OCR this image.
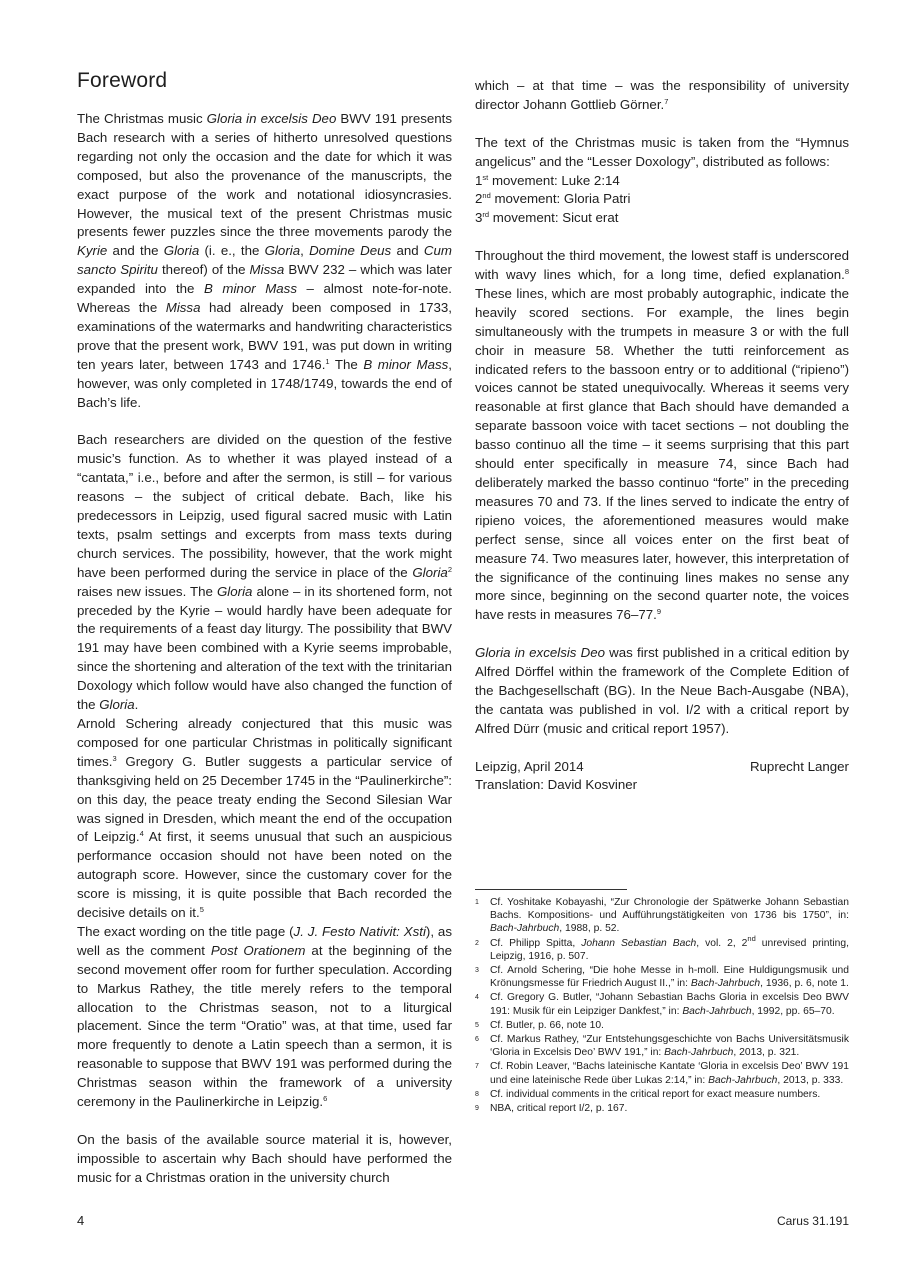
Foreword

The Christmas music Gloria in excelsis Deo BWV 191 presents Bach research with a series of hitherto unresolved questions regarding not only the occasion and the date for which it was composed, but also the provenance of the manuscripts, the exact purpose of the work and notational idiosyncrasies. However, the musical text of the present Christmas music presents fewer puzzles since the three movements parody the Kyrie and the Gloria (i. e., the Gloria, Domine Deus and Cum sancto Spiritu thereof) of the Missa BWV 232 – which was later expanded into the B minor Mass – almost note-for-note. Whereas the Missa had already been composed in 1733, examinations of the watermarks and handwriting characteristics prove that the present work, BWV 191, was put down in writing ten years later, between 1743 and 1746.$^1$ The B minor Mass, however, was only completed in 1748/1749, towards the end of Bach’s life.

Bach researchers are divided on the question of the festive music’s function. As to whether it was played instead of a “cantata,” i.e., before and after the sermon, is still – for various reasons – the subject of critical debate. Bach, like his predecessors in Leipzig, used figural sacred music with Latin texts, psalm settings and excerpts from mass texts during church services. The possibility, however, that the work might have been performed during the service in place of the Gloria$^2$ raises new issues. The Gloria alone – in its shortened form, not preceded by the Kyrie – would hardly have been adequate for the requirements of a feast day liturgy. The possibility that BWV 191 may have been combined with a Kyrie seems improbable, since the shortening and alteration of the text with the trinitarian Doxology which follow would have also changed the function of the Gloria.

Arnold Schering already conjectured that this music was composed for one particular Christmas in politically significant times.$^3$ Gregory G. Butler suggests a particular service of thanksgiving held on 25 December 1745 in the “Paulinerkirche”: on this day, the peace treaty ending the Second Silesian War was signed in Dresden, which meant the end of the occupation of Leipzig.$^4$ At first, it seems unusual that such an auspicious performance occasion should not have been noted on the autograph score. However, since the customary cover for the score is missing, it is quite possible that Bach recorded the decisive details on it.$^5$

The exact wording on the title page (J. J. Festo Nativit: Xsti), as well as the comment Post Orationem at the beginning of the second movement offer room for further speculation. According to Markus Rathey, the title merely refers to the temporal allocation to the Christmas season, not to a liturgical placement. Since the term “Oratio” was, at that time, used far more frequently to denote a Latin speech than a sermon, it is reasonable to suppose that BWV 191 was performed during the Christmas season within the framework of a university ceremony in the Paulinerkirche in Leipzig.$^6$

On the basis of the available source material it is, however, impossible to ascertain why Bach should have performed the music for a Christmas oration in the university church

which – at that time – was the responsibility of university director Johann Gottlieb Görner.$^7$

The text of the Christmas music is taken from the “Hymnus angelicus” and the “Lesser Doxology”, distributed as follows:

1st movement: Luke 2:14

2nd movement: Gloria Patri

3rd movement: Sicut erat

Throughout the third movement, the lowest staff is underscored with wavy lines which, for a long time, defied explanation.$^8$ These lines, which are most probably autographic, indicate the heavily scored sections. For example, the lines begin simultaneously with the trumpets in measure 3 or with the full choir in measure 58. Whether the tutti reinforcement as indicated refers to the bassoon entry or to additional (“ripieno”) voices cannot be stated unequivocally. Whereas it seems very reasonable at first glance that Bach should have demanded a separate bassoon voice with tacet sections – not doubling the basso continuo all the time – it seems surprising that this part should enter specifically in measure 74, since Bach had deliberately marked the basso continuo “forte” in the preceding measures 70 and 73. If the lines served to indicate the entry of ripieno voices, the aforementioned measures would make perfect sense, since all voices enter on the first beat of measure 74. Two measures later, however, this interpretation of the significance of the continuing lines makes no sense any more since, beginning on the second quarter note, the voices have rests in measures 76–77.$^9$

Gloria in excelsis Deo was first published in a critical edition by Alfred Dörffel within the framework of the Complete Edition of the Bachgesellschaft (BG). In the Neue Bach-Ausgabe (NBA), the cantata was published in vol. I/2 with a critical report by Alfred Dürr (music and critical report 1957).

Leipzig, April 2014	Ruprecht Langer

Translation: David Kosviner

1 Cf. Yoshitake Kobayashi, “Zur Chronologie der Spätwerke Johann Sebastian Bachs. Kompositions- und Aufführungstätigkeiten von 1736 bis 1750”, in: Bach-Jahrbuch, 1988, p. 52.

2 Cf. Philipp Spitta, Johann Sebastian Bach, vol. 2, 2nd unrevised printing, Leipzig, 1916, p. 507.

3 Cf. Arnold Schering, “Die hohe Messe in h-moll. Eine Huldigungsmusik und Krönungsmesse für Friedrich August II.,” in: Bach-Jahrbuch, 1936, p. 6, note 1.

4 Cf. Gregory G. Butler, “Johann Sebastian Bachs Gloria in excelsis Deo BWV 191: Musik für ein Leipziger Dankfest,” in: Bach-Jahrbuch, 1992, pp. 65–70.

5 Cf. Butler, p. 66, note 10.

6 Cf. Markus Rathey, “Zur Entstehungsgeschichte von Bachs Universitätsmusik ‘Gloria in Excelsis Deo’ BWV 191,” in: Bach-Jahrbuch, 2013, p. 321.

7 Cf. Robin Leaver, “Bachs lateinische Kantate ‘Gloria in excelsis Deo’ BWV 191 und eine lateinische Rede über Lukas 2:14,” in: Bach-Jahrbuch, 2013, p. 333.

8 Cf. individual comments in the critical report for exact measure numbers.

9 NBA, critical report I/2, p. 167.

4	Carus 31.191
